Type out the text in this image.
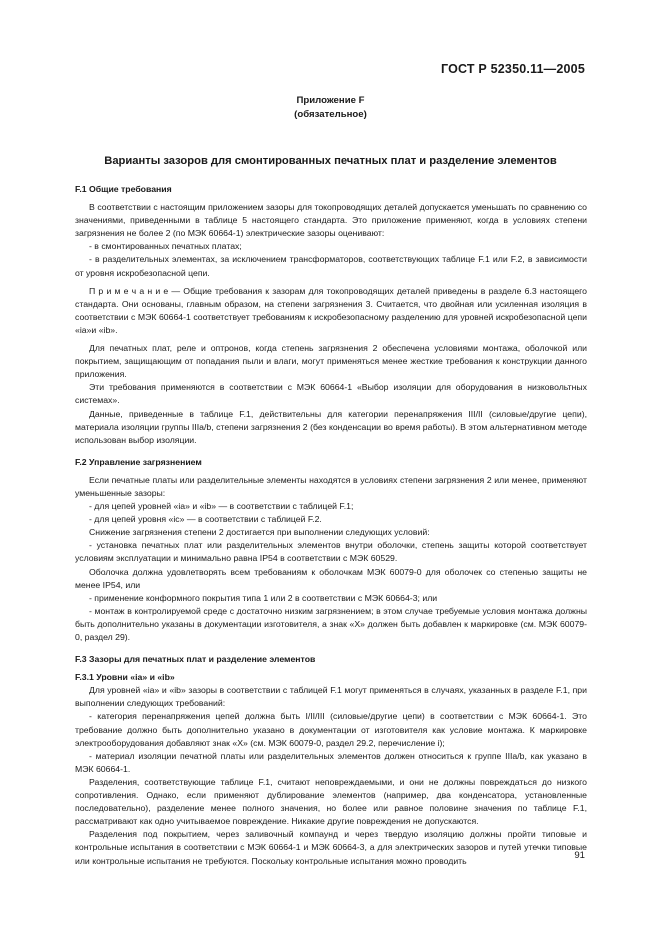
ГОСТ Р 52350.11—2005
Приложение F
(обязательное)
Варианты зазоров для смонтированных печатных плат и разделение элементов
F.1 Общие требования

В соответствии с настоящим приложением зазоры для токопроводящих деталей допускается уменьшать по сравнению со значениями, приведенными в таблице 5 настоящего стандарта. Это приложение применяют, когда в условиях степени загрязнения не более 2 (по МЭК 60664-1) электрические зазоры оценивают:

- в смонтированных печатных платах;

- в разделительных элементах, за исключением трансформаторов, соответствующих таблице F.1 или F.2, в зависимости от уровня искробезопасной цепи.

П р и м е ч а н и е — Общие требования к зазорам для токопроводящих деталей приведены в разделе 6.3 настоящего стандарта. Они основаны, главным образом, на степени загрязнения 3. Считается, что двойная или усиленная изоляция в соответствии с МЭК 60664-1 соответствует требованиям к искробезопасному разделению для уровней искробезопасной цепи «ia»и «ib».

Для печатных плат, реле и оптронов, когда степень загрязнения 2 обеспечена условиями монтажа, оболочкой или покрытием, защищающим от попадания пыли и влаги, могут применяться менее жесткие требования к конструкции данного приложения.

Эти требования применяются в соответствии с МЭК 60664-1 «Выбор изоляции для оборудования в низковольтных системах».

Данные, приведенные в таблице F.1, действительны для категории перенапряжения III/II (силовые/другие цепи), материала изоляции группы IIIa/b, степени загрязнения 2 (без конденсации во время работы). В этом альтернативном методе использован выбор изоляции.

F.2 Управление загрязнением

Если печатные платы или разделительные элементы находятся в условиях степени загрязнения 2 или менее, применяют уменьшенные зазоры:

- для цепей уровней «ia» и «ib» — в соответствии с таблицей F.1;

- для цепей уровня «ic» — в соответствии с таблицей F.2.

Снижение загрязнения степени 2 достигается при выполнении следующих условий:

- установка печатных плат или разделительных элементов внутри оболочки, степень защиты которой соответствует условиям эксплуатации и минимально равна IP54 в соответствии с МЭК 60529.

Оболочка должна удовлетворять всем требованиям к оболочкам МЭК 60079-0 для оболочек со степенью защиты не менее IP54, или

- применение конформного покрытия типа 1 или 2 в соответствии с МЭК 60664-3; или

- монтаж в контролируемой среде с достаточно низким загрязнением; в этом случае требуемые условия монтажа должны быть дополнительно указаны в документации изготовителя, а знак «X» должен быть добавлен к маркировке (см. МЭК 60079-0, раздел 29).

F.3 Зазоры для печатных плат и разделение элементов
F.3.1 Уровни «ia» и «ib»

Для уровней «ia» и «ib» зазоры в соответствии с таблицей F.1 могут применяться в случаях, указанных в разделе F.1, при выполнении следующих требований:

- категория перенапряжения цепей должна быть I/II/III (силовые/другие цепи) в соответствии с МЭК 60664-1. Это требование должно быть дополнительно указано в документации от изготовителя как условие монтажа. К маркировке электрооборудования добавляют знак «X» (см. МЭК 60079-0, раздел 29.2, перечисление i);

- материал изоляции печатной платы или разделительных элементов должен относиться к группе IIIa/b, как указано в МЭК 60664-1.

Разделения, соответствующие таблице F.1, считают неповреждаемыми, и они не должны повреждаться до низкого сопротивления. Однако, если применяют дублирование элементов (например, два конденсатора, установленные последовательно), разделение менее полного значения, но более или равное половине значения по таблице F.1, рассматривают как одно учитываемое повреждение. Никакие другие повреждения не допускаются.

Разделения под покрытием, через заливочный компаунд и через твердую изоляцию должны пройти типовые и контрольные испытания в соответствии с МЭК 60664-1 и МЭК 60664-3, а для электрических зазоров и путей утечки типовые или контрольные испытания не требуются. Поскольку контрольные испытания можно проводить	91
